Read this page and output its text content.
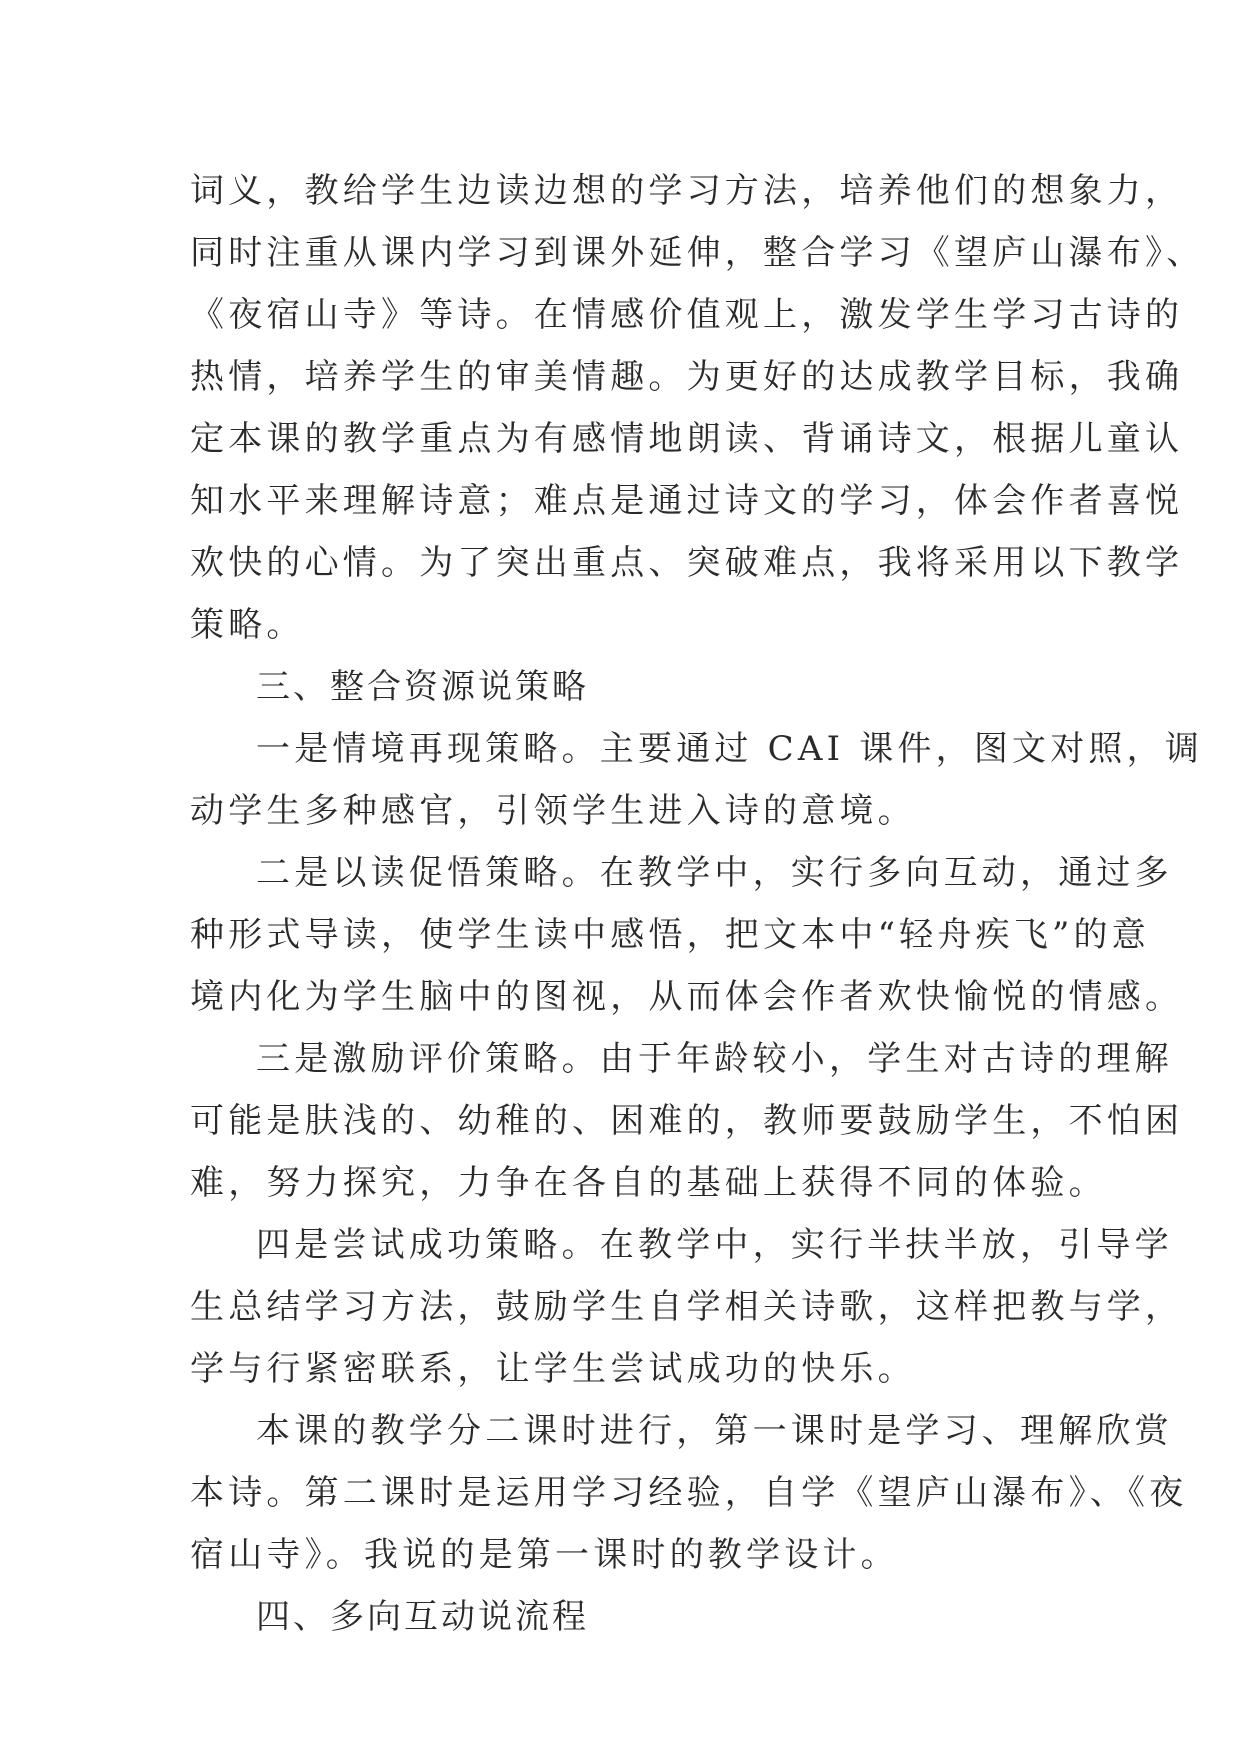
词义，教给学生边读边想的学习方法，培养他们的想象力，
同时注重从课内学习到课外延伸，整合学习《望庐山瀑布》、
《夜宿山寺》等诗。在情感价值观上，激发学生学习古诗的
热情，培养学生的审美情趣。为更好的达成教学目标，我确
定本课的教学重点为有感情地朗读、背诵诗文，根据儿童认
知水平来理解诗意；难点是通过诗文的学习，体会作者喜悦
欢快的心情。为了突出重点、突破难点，我将采用以下教学
策略。
三、整合资源说策略
一是情境再现策略。主要通过 CAI 课件，图文对照，调
动学生多种感官，引领学生进入诗的意境。
二是以读促悟策略。在教学中，实行多向互动，通过多
种形式导读，使学生读中感悟，把文本中“轻舟疾飞”的意
境内化为学生脑中的图视，从而体会作者欢快愉悦的情感。
三是激励评价策略。由于年龄较小，学生对古诗的理解
可能是肤浅的、幼稚的、困难的，教师要鼓励学生，不怕困
难，努力探究，力争在各自的基础上获得不同的体验。
四是尝试成功策略。在教学中，实行半扶半放，引导学
生总结学习方法，鼓励学生自学相关诗歌，这样把教与学，
学与行紧密联系，让学生尝试成功的快乐。
本课的教学分二课时进行，第一课时是学习、理解欣赏
本诗。第二课时是运用学习经验，自学《望庐山瀑布》、《夜
宿山寺》。我说的是第一课时的教学设计。
四、多向互动说流程
